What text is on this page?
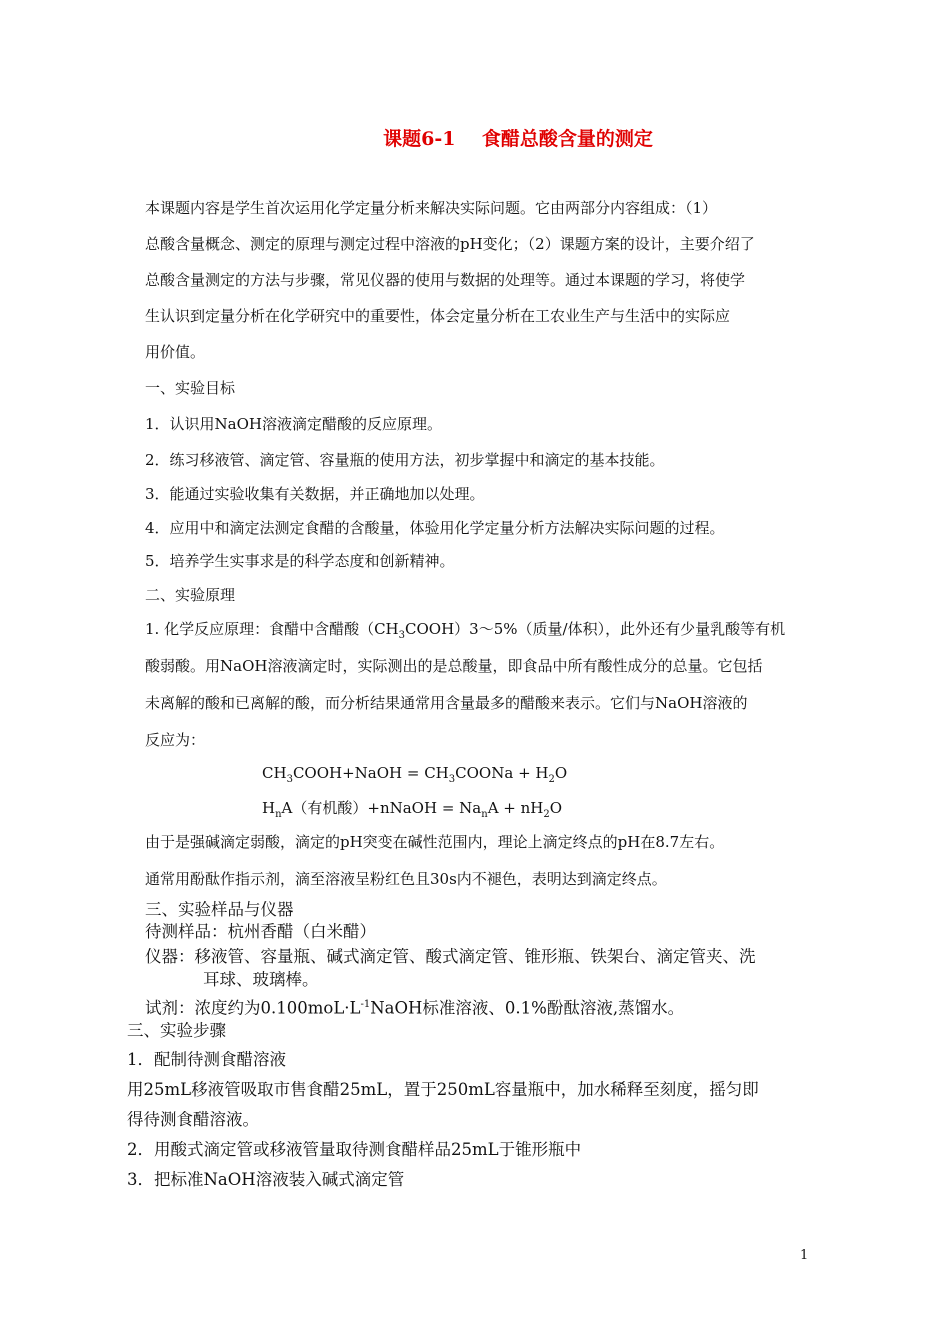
课题6-1    食醋总酸含量的测定
本课题内容是学生首次运用化学定量分析来解决实际问题。它由两部分内容组成：（1）
总酸含量概念、测定的原理与测定过程中溶液的pH变化；（2）课题方案的设计，主要介绍了
总酸含量测定的方法与步骤，常见仪器的使用与数据的处理等。通过本课题的学习，将使学
生认识到定量分析在化学研究中的重要性，体会定量分析在工农业生产与生活中的实际应
用价值。
一、实验目标
1．认识用NaOH溶液滴定醋酸的反应原理。
2．练习移液管、滴定管、容量瓶的使用方法，初步掌握中和滴定的基本技能。
3．能通过实验收集有关数据，并正确地加以处理。
4．应用中和滴定法测定食醋的含酸量，体验用化学定量分析方法解决实际问题的过程。
5．培养学生实事求是的科学态度和创新精神。
二、实验原理
1. 化学反应原理：食醋中含醋酸$(CH_3COOH)3\sim 5\%$（质量/体积），此外还有少量乳酸等有机
酸弱酸。用NaOH溶液滴定时，实际测出的是总酸量，即食品中所有酸性成分的总量。它包括
未离解的酸和已离解的酸，而分析结果通常用含量最多的醋酸来表示。它们与NaOH溶液的
反应为：
$CH_3COOH+NaOH$ = $CH_3COONa + H_2O$
$H_nA$（有机酸）+nNaOH = $Na_nA + nH_2O$
由于是强碱滴定弱酸，滴定的pH突变在碱性范围内，理论上滴定终点的pH在8.7左右。
通常用酚酞作指示剂，滴至溶液呈粉红色且30s内不褪色，表明达到滴定终点。
三、实验样品与仪器
待测样品：杭州香醋（白米醋）
仪器：移液管、容量瓶、碱式滴定管、酸式滴定管、锥形瓶、铁架台、滴定管夹、洗
耳球、玻璃棒。
试剂：浓度约为$0.100moL\cdot L^{-1}NaOH$标准溶液、0.1%酚酞溶液,蒸馏水。
三、实验步骤
1．配制待测食醋溶液
用25mL移液管吸取市售食醋25mL，置于250mL容量瓶中，加水稀释至刻度，摇匀即
得待测食醋溶液。
2．用酸式滴定管或移液管量取待测食醋样品25mL于锥形瓶中
3．把标准NaOH溶液装入碱式滴定管
1
